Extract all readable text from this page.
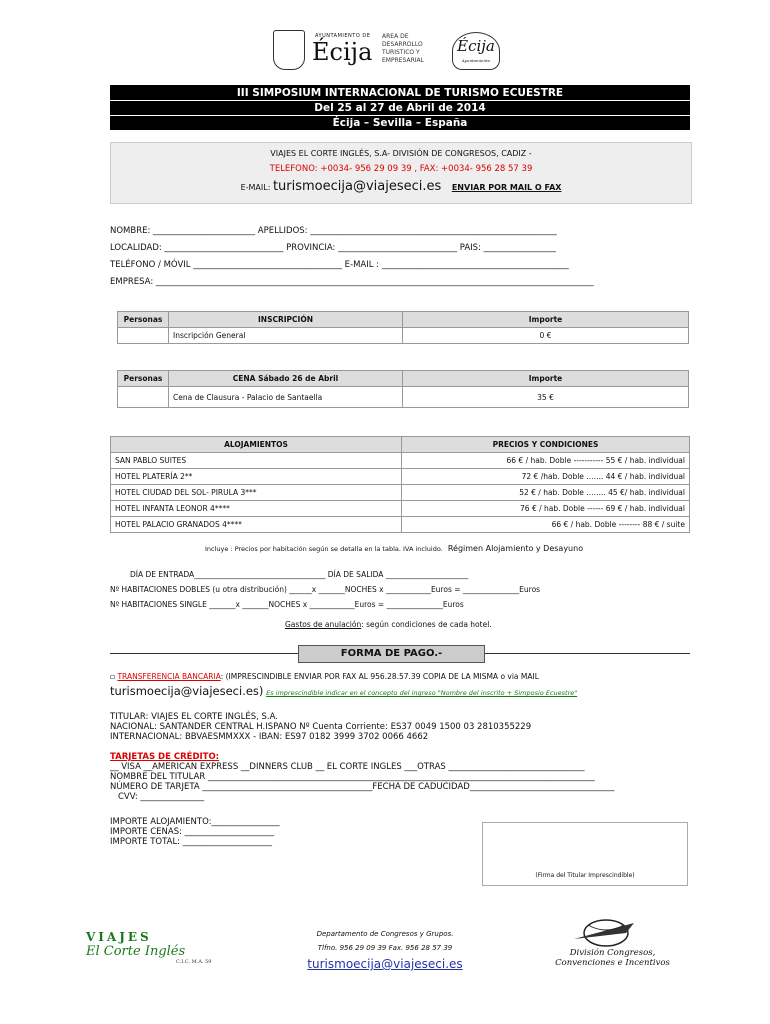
AYUNTAMIENTO DE
Écija
AREA DE
DESARROLLO
TURISTICO Y
EMPRESARIAL
Écija
Ayuntamiento
III SIMPOSIUM INTERNACIONAL DE TURISMO ECUESTRE
Del 25 al 27 de Abril de 2014
Écija – Sevilla – España
VIAJES EL CORTE INGLÉS, S.A- DIVISIÓN DE CONGRESOS, CADIZ -
TELEFONO: +0034- 956 29 09 39 , FAX: +0034- 956 28 57 39
E-MAIL: turismoecija@viajeseci.es ENVIAR POR MAIL O FAX
NOMBRE: ________________________ APELLIDOS: __________________________________________________________
LOCALIDAD: ____________________________ PROVINCIA: ____________________________ PAIS: _________________
TELÉFONO / MÓVIL ___________________________________ E-MAIL : ____________________________________________
EMPRESA: _______________________________________________________________________________________________________
Personas	INSCRIPCIÓN	Importe
	Inscripción General	0 €
Personas	CENA Sábado 26 de Abril	Importe
	Cena de Clausura - Palacio de Santaella	35 €
ALOJAMIENTOS	PRECIOS Y CONDICIONES
SAN PABLO SUITES	66 € / hab. Doble ----------- 55 € / hab. individual
HOTEL PLATERÍA 2**	72 € /hab. Doble ….... 44 € / hab. individual
HOTEL CIUDAD DEL SOL- PIRULA 3***	52 € / hab. Doble …..... 45 €/ hab. individual
HOTEL INFANTA LEONOR 4****	76 € / hab. Doble ------ 69 € / hab. individual
HOTEL PALACIO GRANADOS 4****	66 € / hab. Doble -------- 88 € / suite
Incluye : Precios por habitación según se detalla en la tabla. IVA incluido. Régimen Alojamiento y Desayuno
DÍA DE ENTRADA___________________________________ DÍA DE SALIDA ______________________
Nº HABITACIONES DOBLES (u otra distribución) ______x _______NOCHES x ____________Euros = _______________Euros
Nº HABITACIONES SINGLE _______x _______NOCHES x ____________Euros = _______________Euros
Gastos de anulación: según condiciones de cada hotel.
FORMA DE PAGO.-
▫ TRANSFERENCIA BANCARIA: (IMPRESCINDIBLE ENVIAR POR FAX AL 956.28.57.39 COPIA DE LA MISMA o via MAIL
turismoecija@viajeseci.es) Es imprescindible indicar en el concepto del ingreso "Nombre del inscrito + Simposio Ecuestre"
TITULAR: VIAJES EL CORTE INGLÉS, S.A.
NACIONAL: SANTANDER CENTRAL H.ISPANO Nº Cuenta Corriente: ES37 0049 1500 03 2810355229
INTERNACIONAL: BBVAESMMXXX - IBAN: ES97 0182 3999 3702 0066 4662
TARJETAS DE CRÉDITO:
__ VISA __AMERICAN EXPRESS __DINNERS CLUB __ EL CORTE INGLES ___OTRAS ________________________________
NOMBRE DEL TITULAR ___________________________________________________________________________________________
NÚMERO DE TARJETA ________________________________________FECHA DE CADUCIDAD__________________________________
CVV: _______________
IMPORTE ALOJAMIENTO:________________
IMPORTE CENAS: _____________________
IMPORTE TOTAL: _____________________
(Firma del Titular Imprescindible)
VIAJES
El Corte Inglés
C.I.C. M.A. 59
Departamento de Congresos y Grupos.
Tlfno. 956 29 09 39 Fax. 956 28 57 39
turismoecija@viajeseci.es
División Congresos,
Convenciones e Incentivos
